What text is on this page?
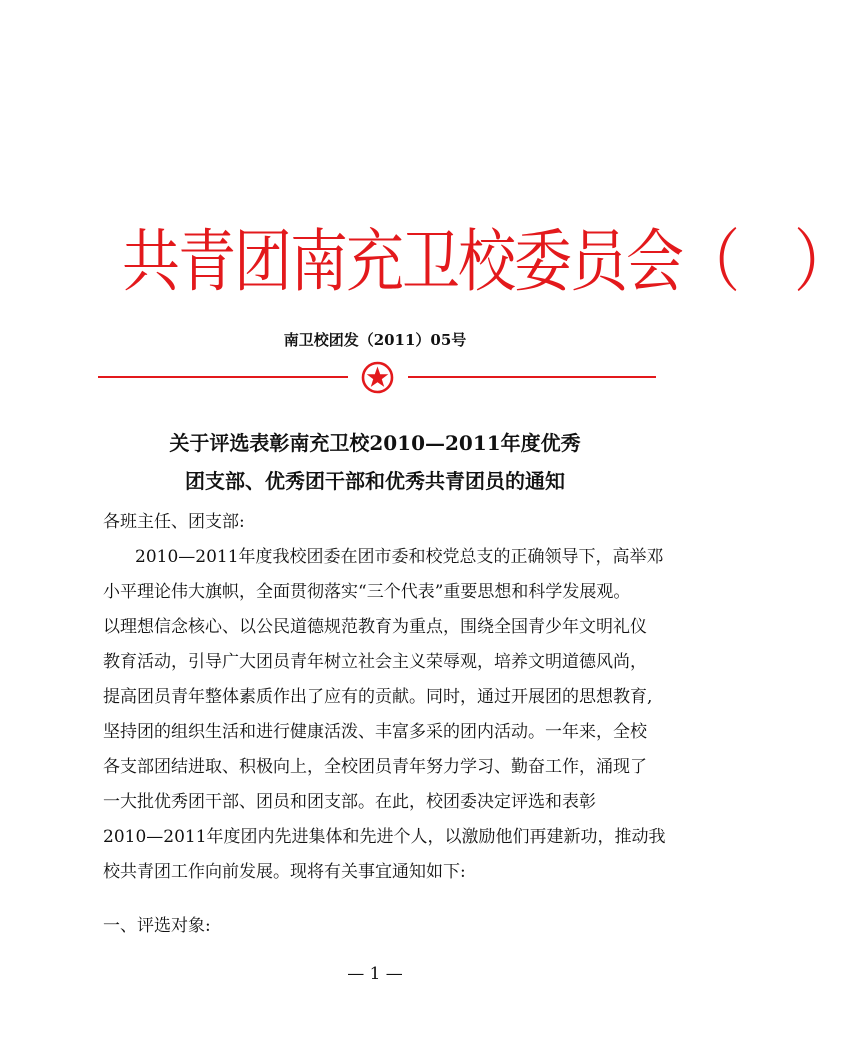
共青团南充卫校委员会（　）
南卫校团发（2011）05号
关于评选表彰南充卫校2010—2011年度优秀
团支部、优秀团干部和优秀共青团员的通知
各班主任、团支部:
2010—2011年度我校团委在团市委和校党总支的正确领导下，高举邓
小平理论伟大旗帜，全面贯彻落实“三个代表”重要思想和科学发展观。
以理想信念核心、以公民道德规范教育为重点，围绕全国青少年文明礼仪
教育活动，引导广大团员青年树立社会主义荣辱观，培养文明道德风尚，
提高团员青年整体素质作出了应有的贡献。同时，通过开展团的思想教育,
坚持团的组织生活和进行健康活泼、丰富多采的团内活动。一年来，全校
各支部团结进取、积极向上，全校团员青年努力学习、勤奋工作，涌现了
一大批优秀团干部、团员和团支部。在此，校团委决定评选和表彰
2010—2011年度团内先进集体和先进个人，以激励他们再建新功，推动我
校共青团工作向前发展。现将有关事宜通知如下:
一、评选对象:
— 1 —
